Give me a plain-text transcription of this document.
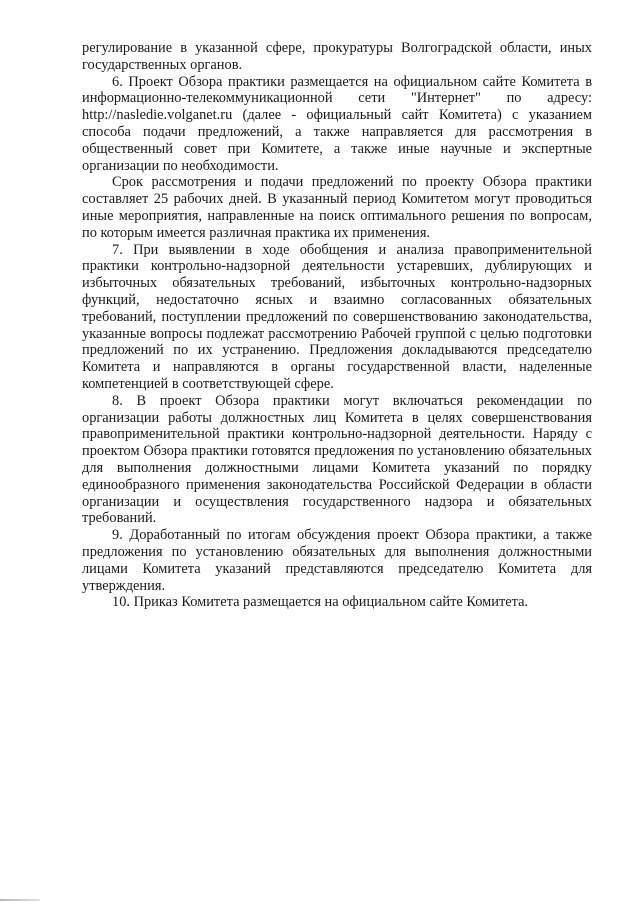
регулирование в указанной сфере, прокуратуры Волгоградской области, иных государственных органов.

6. Проект Обзора практики размещается на официальном сайте Комитета в информационно-телекоммуникационной сети "Интернет" по адресу: http://nasledie.volganet.ru (далее - официальный сайт Комитета) с указанием способа подачи предложений, а также направляется для рассмотрения в общественный совет при Комитете, а также иные научные и экспертные организации по необходимости.

Срок рассмотрения и подачи предложений по проекту Обзора практики составляет 25 рабочих дней. В указанный период Комитетом могут проводиться иные мероприятия, направленные на поиск оптимального решения по вопросам, по которым имеется различная практика их применения.

7. При выявлении в ходе обобщения и анализа правоприменительной практики контрольно-надзорной деятельности устаревших, дублирующих и избыточных обязательных требований, избыточных контрольно-надзорных функций, недостаточно ясных и взаимно согласованных обязательных требований, поступлении предложений по совершенствованию законодательства, указанные вопросы подлежат рассмотрению Рабочей группой с целью подготовки предложений по их устранению. Предложения докладываются председателю Комитета и направляются в органы государственной власти, наделенные компетенцией в соответствующей сфере.

8. В проект Обзора практики могут включаться рекомендации по организации работы должностных лиц Комитета в целях совершенствования правоприменительной практики контрольно-надзорной деятельности. Наряду с проектом Обзора практики готовятся предложения по установлению обязательных для выполнения должностными лицами Комитета указаний по порядку единообразного применения законодательства Российской Федерации в области организации и осуществления государственного надзора и обязательных требований.

9. Доработанный по итогам обсуждения проект Обзора практики, а также предложения по установлению обязательных для выполнения должностными лицами Комитета указаний представляются председателю Комитета для утверждения.

10. Приказ Комитета размещается на официальном сайте Комитета.
